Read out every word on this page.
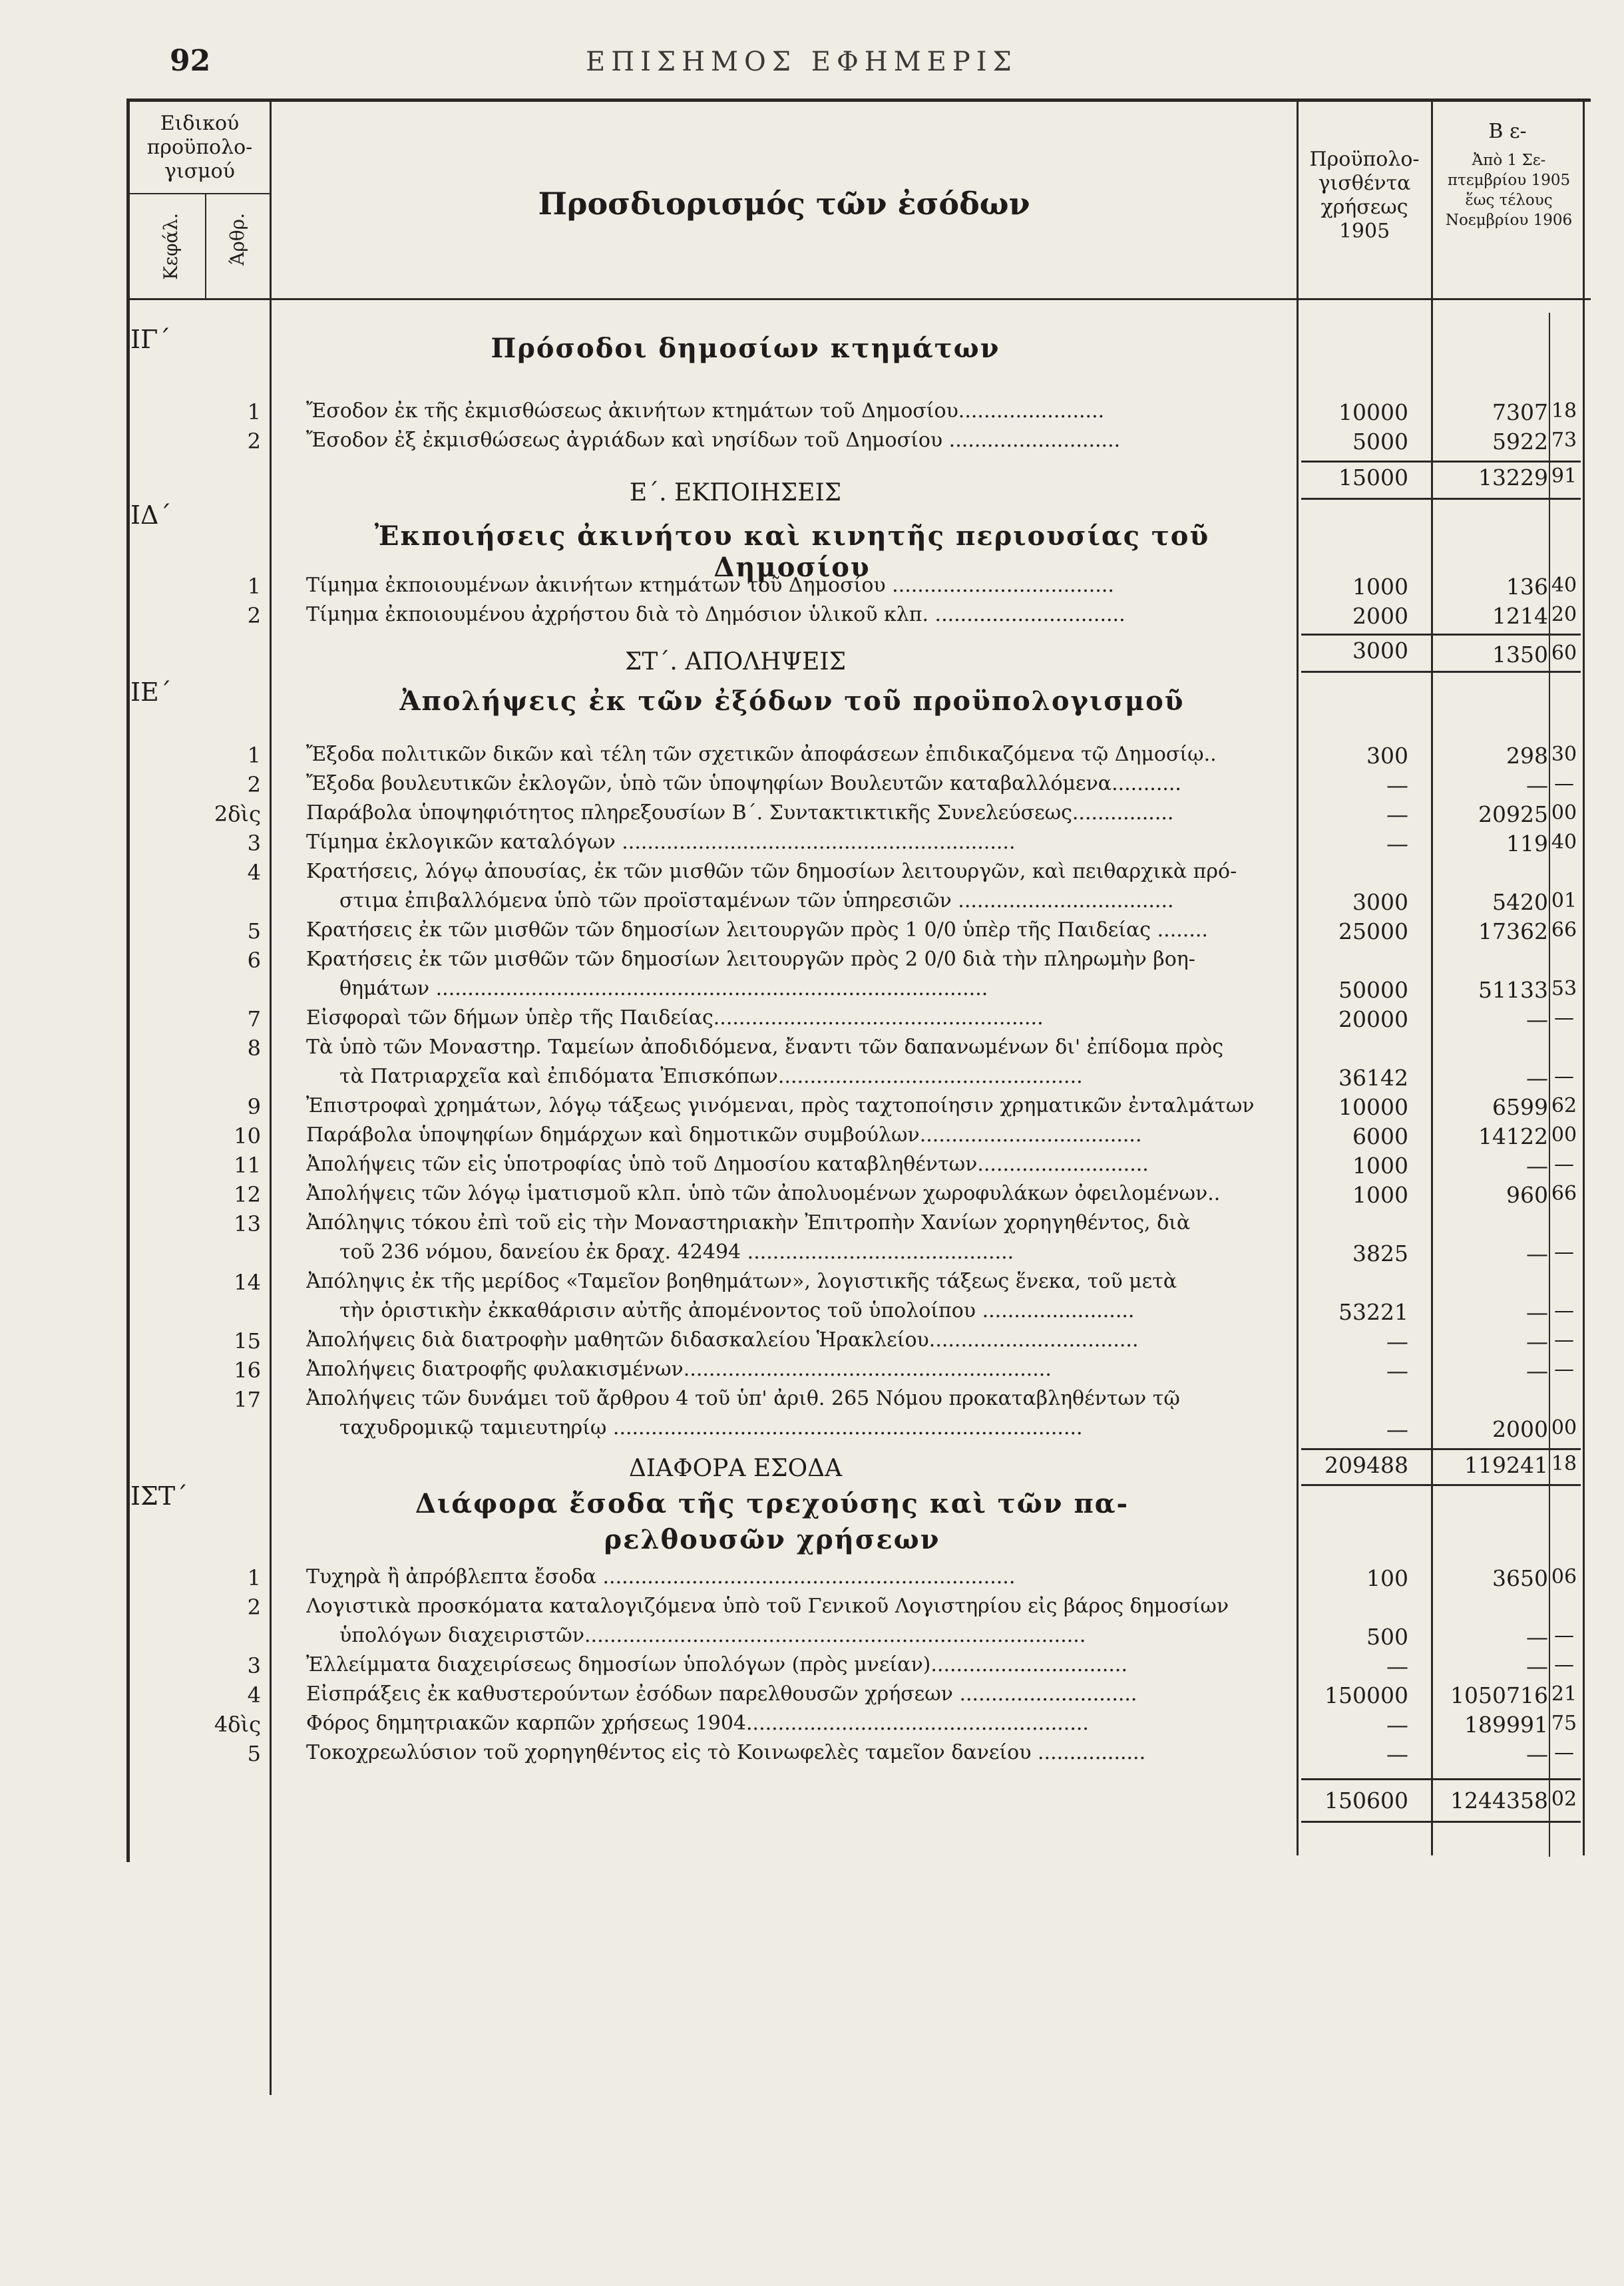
92	ΕΠΙΣΗΜΟΣ ΕΦΗΜΕΡΙΣ
Ειδικού προϋπολο-γισμού
Κεφάλ. Άρθρ.
Προσδιορισμός τῶν ἐσόδων
Προϋπολο-γισθέντα χρήσεως 1905
Β ε-
Ἀπὸ 1 Σε-πτεμβρίου 1905 ἕως τέλους Νοεμβρίου 1906
ΙΓ΄	Πρόσοδοι δημοσίων κτημάτων
1 Ἔσοδον ἐκ τῆς ἐκμισθώσεως ἀκινήτων κτημάτων τοῦ Δημοσίου.......................	10000	7307 18
2 Ἔσοδον ἐξ ἐκμισθώσεως ἀγριάδων καὶ νησίδων τοῦ Δημοσίου ...........................	5000	5922 73
15000	13229 91
Ε΄. ΕΚΠΟΙΗΣΕΙΣ
ΙΔ΄
Ἐκποιήσεις ἀκινήτου καὶ κινητῆς περιουσίας τοῦ Δημοσίου
1 Τίμημα ἐκποιουμένων ἀκινήτων κτημάτων τοῦ Δημοσίου ...................................	1000	136 40
2 Τίμημα ἐκποιουμένου ἀχρήστου διὰ τὸ Δημόσιον ὑλικοῦ κλπ. ..............................	2000	1214 20
3000	1350 60
ΣΤ΄. ΑΠΟΛΗΨΕΙΣ
ΙΕ΄	Ἀπολήψεις ἐκ τῶν ἐξόδων τοῦ προϋπολογισμοῦ
1 Ἔξοδα πολιτικῶν δικῶν καὶ τέλη τῶν σχετικῶν ἀποφάσεων ἐπιδικαζόμενα τῷ Δημοσίῳ..	300	298 30
2 Ἔξοδα βουλευτικῶν ἐκλογῶν, ὑπὸ τῶν ὑποψηφίων Βουλευτῶν καταβαλλόμενα...........	—	— —
2δὶς Παράβολα ὑποψηφιότητος πληρεξουσίων Β΄. Συντακτικτικῆς Συνελεύσεως................	—	20925 00
3 Τίμημα ἐκλογικῶν καταλόγων ..............................................................	—	119 40
4 Κρατήσεις, λόγῳ ἀπουσίας, ἐκ τῶν μισθῶν τῶν δημοσίων λειτουργῶν, καὶ πειθαρχικὰ πρό-
στιμα ἐπιβαλλόμενα ὑπὸ τῶν προϊσταμένων τῶν ὑπηρεσιῶν ..................................	3000	5420 01
5 Κρατήσεις ἐκ τῶν μισθῶν τῶν δημοσίων λειτουργῶν πρὸς 1 0/0 ὑπὲρ τῆς Παιδείας ........	25000	17362 66
6 Κρατήσεις ἐκ τῶν μισθῶν τῶν δημοσίων λειτουργῶν πρὸς 2 0/0 διὰ τὴν πληρωμὴν βοη-
θημάτων .......................................................................................	50000	51133 53
7 Εἰσφοραὶ τῶν δήμων ὑπὲρ τῆς Παιδείας....................................................	20000	— —
8 Τὰ ὑπὸ τῶν Μοναστηρ. Ταμείων ἀποδιδόμενα, ἔναντι τῶν δαπανωμένων δι' ἐπίδομα πρὸς
τὰ Πατριαρχεῖα καὶ ἐπιδόματα Ἐπισκόπων................................................	36142	— —
9 Ἐπιστροφαὶ χρημάτων, λόγῳ τάξεως γινόμεναι, πρὸς ταχτοποίησιν χρηματικῶν ἐνταλμάτων	10000	6599 62
10 Παράβολα ὑποψηφίων δημάρχων καὶ δημοτικῶν συμβούλων...................................	6000	14122 00
11 Ἀπολήψεις τῶν εἰς ὑποτροφίας ὑπὸ τοῦ Δημοσίου καταβληθέντων...........................	1000	— —
12 Ἀπολήψεις τῶν λόγῳ ἱματισμοῦ κλπ. ὑπὸ τῶν ἀπολυομένων χωροφυλάκων ὀφειλομένων..	1000	960 66
13 Ἀπόληψις τόκου ἐπὶ τοῦ εἰς τὴν Μοναστηριακὴν Ἐπιτροπὴν Χανίων χορηγηθέντος, διὰ
τοῦ 236 νόμου, δανείου ἐκ δραχ. 42494 ..........................................	3825	— —
14 Ἀπόληψις ἐκ τῆς μερίδος «Ταμεῖον βοηθημάτων», λογιστικῆς τάξεως ἕνεκα, τοῦ μετὰ
τὴν ὁριστικὴν ἐκκαθάρισιν αὐτῆς ἀπομένοντος τοῦ ὑπολοίπου ........................	53221	— —
15 Ἀπολήψεις διὰ διατροφὴν μαθητῶν διδασκαλείου Ἡρακλείου.................................	—	— —
16 Ἀπολήψεις διατροφῆς φυλακισμένων..........................................................	—	— —
17 Ἀπολήψεις τῶν δυνάμει τοῦ ἄρθρου 4 τοῦ ὑπ' ἀριθ. 265 Νόμου προκαταβληθέντων τῷ
ταχυδρομικῷ ταμιευτηρίῳ ..........................................................................	—	2000 00
209488	119241 18
ΔΙΑΦΟΡΑ ΕΣΟΔΑ
ΙΣΤ΄	Διάφορα ἔσοδα τῆς τρεχούσης καὶ τῶν πα-
ρελθουσῶν χρήσεων
1 Τυχηρὰ ἢ ἀπρόβλεπτα ἔσοδα .................................................................	100	3650 06
2 Λογιστικὰ προσκόματα καταλογιζόμενα ὑπὸ τοῦ Γενικοῦ Λογιστηρίου εἰς βάρος δημοσίων
ὑπολόγων διαχειριστῶν...............................................................................	500	— —
3 Ἐλλείμματα διαχειρίσεως δημοσίων ὑπολόγων (πρὸς μνείαν)...............................	—	— —
4 Εἰσπράξεις ἐκ καθυστερούντων ἐσόδων παρελθουσῶν χρήσεων ............................	150000	1050716 21
4δὶς Φόρος δημητριακῶν καρπῶν χρήσεως 1904......................................................	—	189991 75
5 Τοκοχρεωλύσιον τοῦ χορηγηθέντος εἰς τὸ Κοινωφελὲς ταμεῖον δανείου .................	—	— —
150600	1244358 02
